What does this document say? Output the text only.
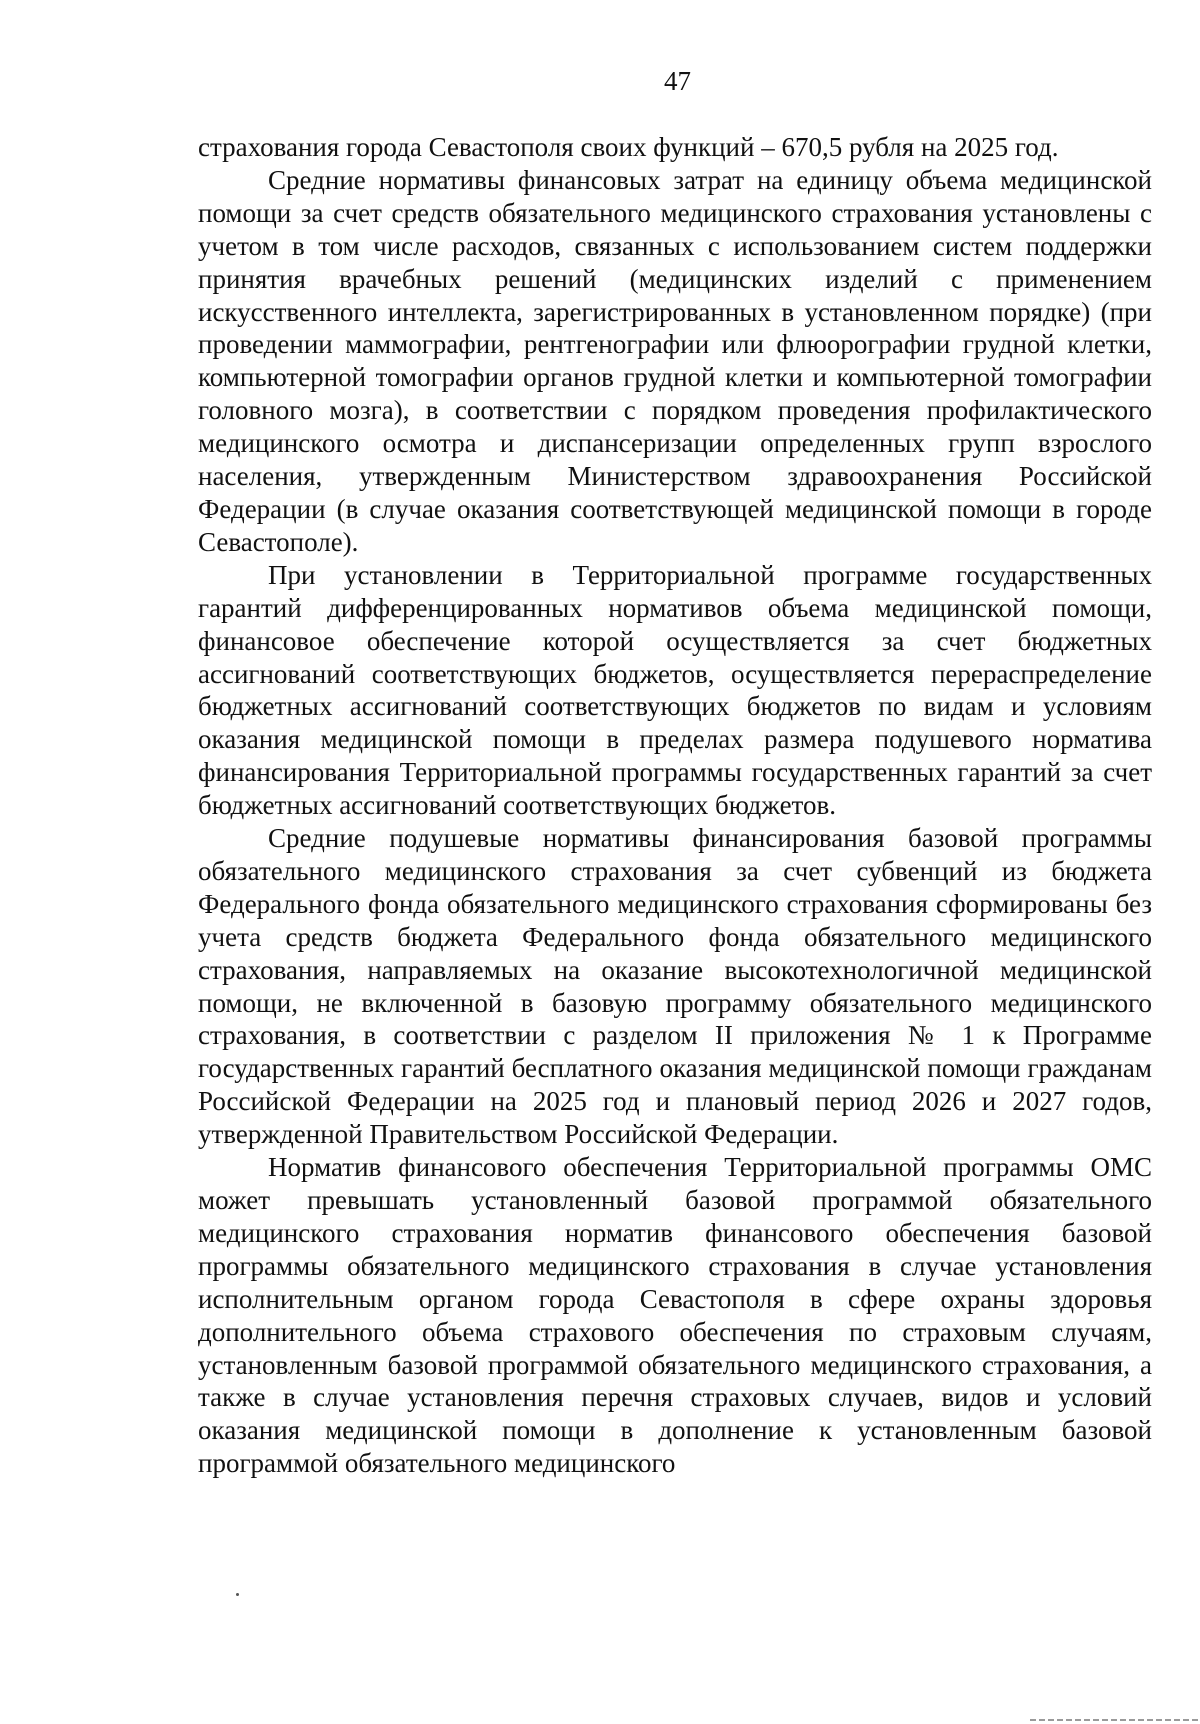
47

страхования города Севастополя своих функций – 670,5 рубля на 2025 год.

Средние нормативы финансовых затрат на единицу объема медицинской помощи за счет средств обязательного медицинского страхования установлены с учетом в том числе расходов, связанных с использованием систем поддержки принятия врачебных решений (медицинских изделий с применением искусственного интеллекта, зарегистрированных в установленном порядке) (при проведении маммографии, рентгенографии или флюорографии грудной клетки, компьютерной томографии органов грудной клетки и компьютерной томографии головного мозга), в соответствии с порядком проведения профилактического медицинского осмотра и диспансеризации определенных групп взрослого населения, утвержденным Министерством здравоохранения Российской Федерации (в случае оказания соответствующей медицинской помощи в городе Севастополе).

При установлении в Территориальной программе государственных гарантий дифференцированных нормативов объема медицинской помощи, финансовое обеспечение которой осуществляется за счет бюджетных ассигнований соответствующих бюджетов, осуществляется перераспределение бюджетных ассигнований соответствующих бюджетов по видам и условиям оказания медицинской помощи в пределах размера подушевого норматива финансирования Территориальной программы государственных гарантий за счет бюджетных ассигнований соответствующих бюджетов.

Средние подушевые нормативы финансирования базовой программы обязательного медицинского страхования за счет субвенций из бюджета Федерального фонда обязательного медицинского страхования сформированы без учета средств бюджета Федерального фонда обязательного медицинского страхования, направляемых на оказание высокотехнологичной медицинской помощи, не включенной в базовую программу обязательного медицинского страхования, в соответствии с разделом II приложения № 1 к Программе государственных гарантий бесплатного оказания медицинской помощи гражданам Российской Федерации на 2025 год и плановый период 2026 и 2027 годов, утвержденной Правительством Российской Федерации.

Норматив финансового обеспечения Территориальной программы ОМС может превышать установленный базовой программой обязательного медицинского страхования норматив финансового обеспечения базовой программы обязательного медицинского страхования в случае установления исполнительным органом города Севастополя в сфере охраны здоровья дополнительного объема страхового обеспечения по страховым случаям, установленным базовой программой обязательного медицинского страхования, а также в случае установления перечня страховых случаев, видов и условий оказания медицинской помощи в дополнение к установленным базовой программой обязательного медицинского
